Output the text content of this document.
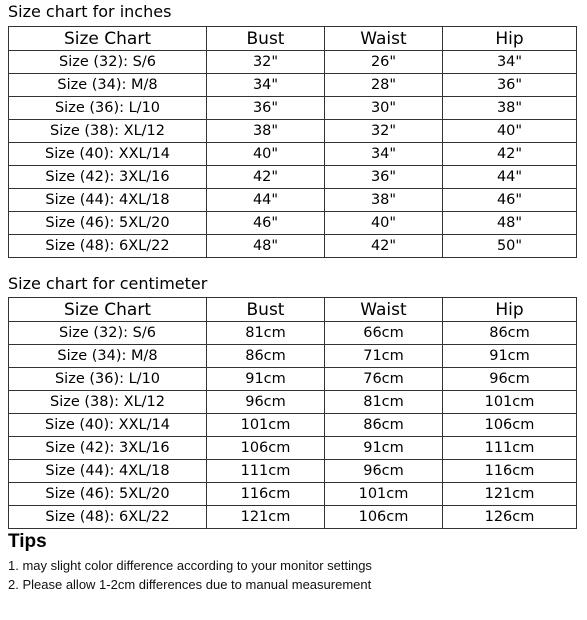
Size chart for inches
Size Chart	Bust	Waist	Hip
Size (32): S/6	32"	26"	34"
Size (34): M/8	34"	28"	36"
Size (36): L/10	36"	30"	38"
Size (38): XL/12	38"	32"	40"
Size (40): XXL/14	40"	34"	42"
Size (42): 3XL/16	42"	36"	44"
Size (44): 4XL/18	44"	38"	46"
Size (46): 5XL/20	46"	40"	48"
Size (48): 6XL/22	48"	42"	50"
Size chart for centimeter
Size Chart	Bust	Waist	Hip
Size (32): S/6	81cm	66cm	86cm
Size (34): M/8	86cm	71cm	91cm
Size (36): L/10	91cm	76cm	96cm
Size (38): XL/12	96cm	81cm	101cm
Size (40): XXL/14	101cm	86cm	106cm
Size (42): 3XL/16	106cm	91cm	111cm
Size (44): 4XL/18	111cm	96cm	116cm
Size (46): 5XL/20	116cm	101cm	121cm
Size (48): 6XL/22	121cm	106cm	126cm
Tips
1. may slight color difference according to your monitor settings
2. Please allow 1-2cm differences due to manual measurement
